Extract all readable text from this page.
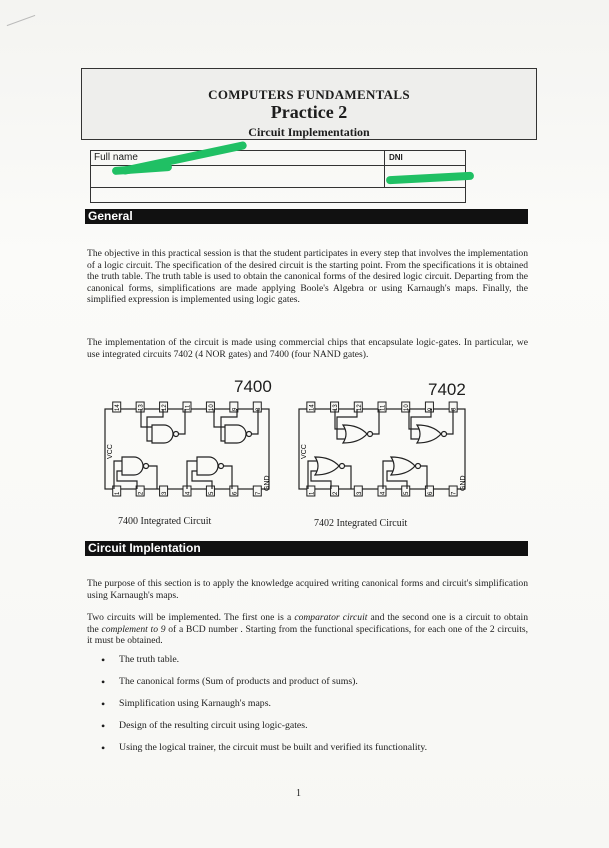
COMPUTERS FUNDAMENTALS
Practice 2
Circuit Implementation
Full name	DNI
General
The objective in this practical session is that the student participates in every step that involves the implementation of a logic circuit. The specification of the desired circuit is the starting point. From the specifications it is obtained the truth table. The truth table is used to obtain the canonical forms of the desired logic circuit. Departing from the canonical forms, simplifications are made applying Boole's Algebra or using Karnaugh's maps. Finally, the simplified expression is implemented using logic gates.
The implementation of the circuit is made using commercial chips that encapsulate logic-gates. In particular, we use integrated circuits 7402 (4 NOR gates) and 7400 (four NAND gates).
7400	7402
VCC
GND
14	13	12	11	10	9	8
1	2	3	4	5	6	7
VCC
GND
14	13	12	11	10	9	8
1	2	3	4	5	6	7
7400 Integrated Circuit	7402 Integrated Circuit
Circuit Implentation
The purpose of this section is to apply the knowledge acquired writing canonical forms and circuit's simplification using Karnaugh's maps.
Two circuits will be implemented. The first one is a comparator circuit and the second one is a circuit to obtain the complement to 9 of a BCD number . Starting from the functional specifications, for each one of the 2 circuits, it must be obtained.
• The truth table.
• The canonical forms (Sum of products and product of sums).
• Simplification using Karnaugh's maps.
• Design of the resulting circuit using logic-gates.
• Using the logical trainer, the circuit must be built and verified its functionality.
1
